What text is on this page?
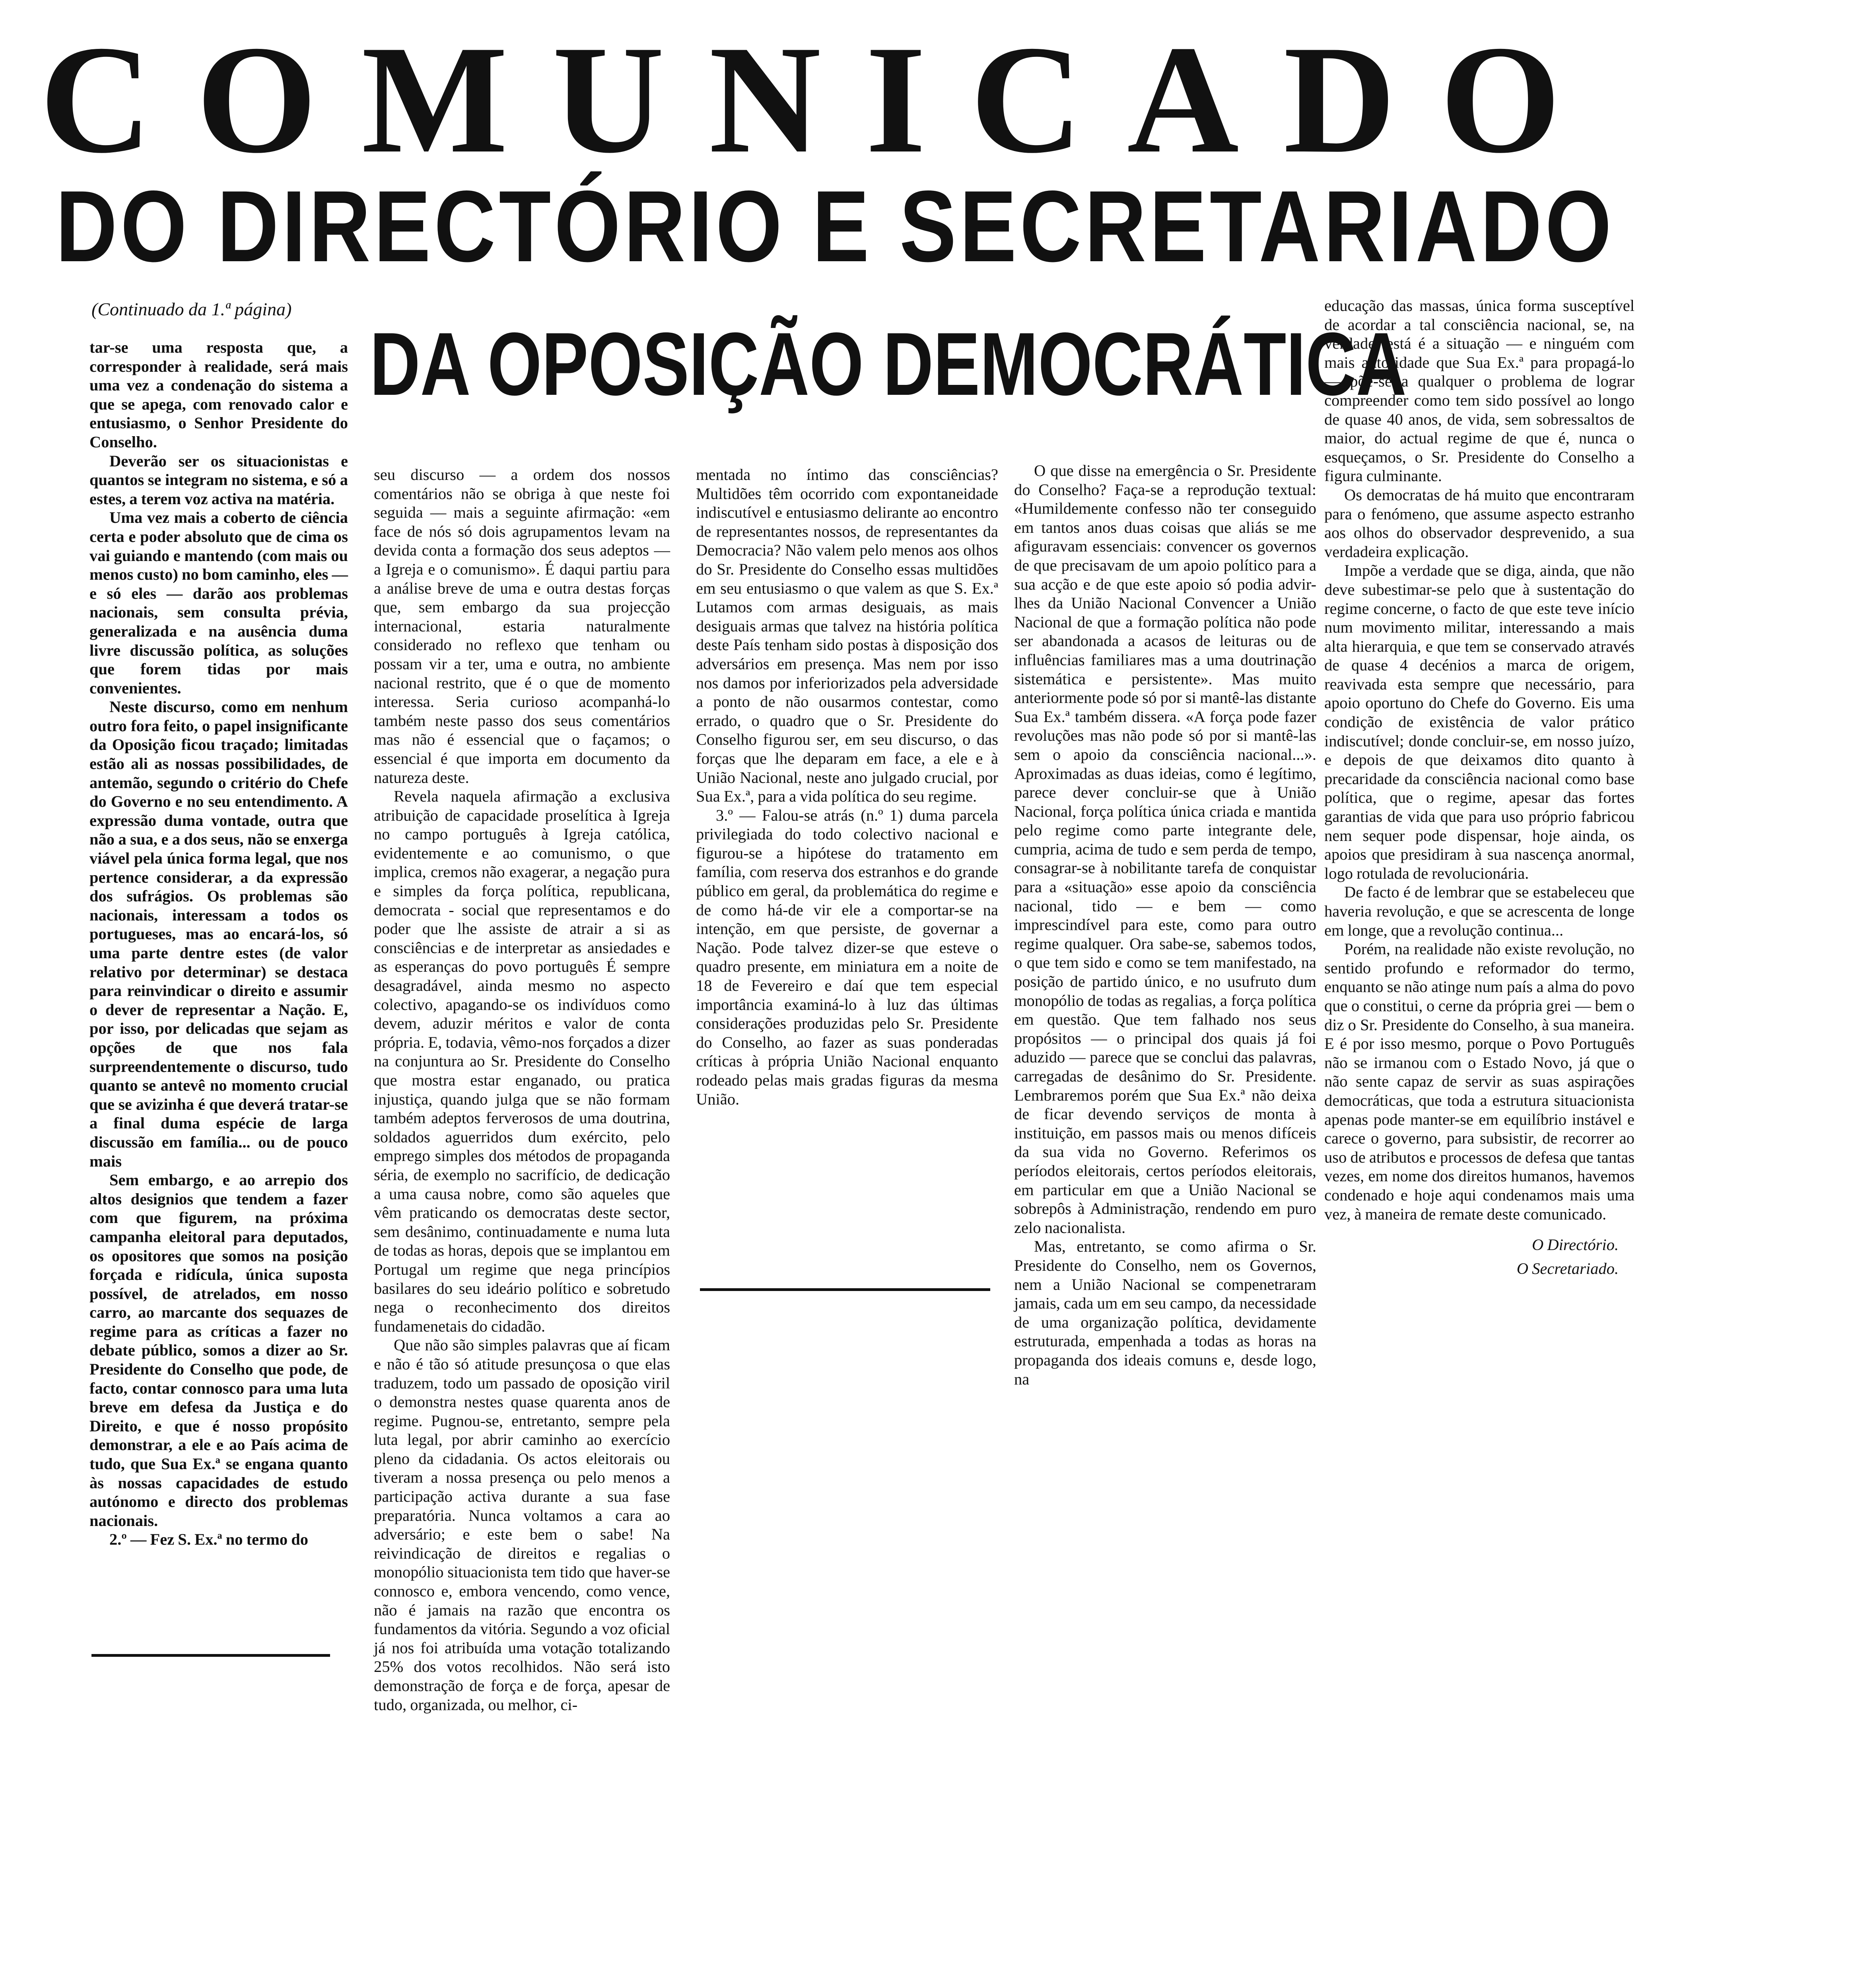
COMUNICADO
DO DIRECTÓRIO E SECRETARIADO
(Continuado da 1.ª página)
DA OPOSIÇÃO DEMOCRÁTICA

tar-se uma resposta que, a corresponder à realidade, será mais uma vez a condenação do sistema a que se apega, com renovado calor e entusiasmo, o Senhor Presidente do Conselho.

Deverão ser os situacionistas e quantos se integram no sistema, e só a estes, a terem voz activa na matéria.

Uma vez mais a coberto de ciência certa e poder absoluto que de cima os vai guiando e mantendo (com mais ou menos custo) no bom caminho, eles — e só eles — darão aos problemas nacionais, sem consulta prévia, generalizada e na ausência duma livre discussão política, as soluções que forem tidas por mais convenientes.

Neste discurso, como em nenhum outro fora feito, o papel insignificante da Oposição ficou traçado; limitadas estão ali as nossas possibilidades, de antemão, segundo o critério do Chefe do Governo e no seu entendimento. A expressão duma vontade, outra que não a sua, e a dos seus, não se enxerga viável pela única forma legal, que nos pertence considerar, a da expressão dos sufrágios. Os problemas são nacionais, interessam a todos os portugueses, mas ao encará-los, só uma parte dentre estes (de valor relativo por determinar) se destaca para reinvindicar o direito e assumir o dever de representar a Nação. E, por isso, por delicadas que sejam as opções de que nos fala surpreendentemente o discurso, tudo quanto se antevê no momento crucial que se avizinha é que deverá tratar-se a final duma espécie de larga discussão em família... ou de pouco mais

Sem embargo, e ao arrepio dos altos designios que tendem a fazer com que figurem, na próxima campanha eleitoral para deputados, os opositores que somos na posição forçada e ridícula, única suposta possível, de atrelados, em nosso carro, ao marcante dos sequazes de regime para as críticas a fazer no debate público, somos a dizer ao Sr. Presidente do Conselho que pode, de facto, contar connosco para uma luta breve em defesa da Justiça e do Direito, e que é nosso propósito demonstrar, a ele e ao País acima de tudo, que Sua Ex.ª se engana quanto às nossas capacidades de estudo autónomo e directo dos problemas nacionais.

2.º — Fez S. Ex.ª no termo do

seu discurso — a ordem dos nossos comentários não se obriga à que neste foi seguida — mais a seguinte afirmação: «em face de nós só dois agrupamentos levam na devida conta a formação dos seus adeptos — a Igreja e o comunismo». É daqui partiu para a análise breve de uma e outra destas forças que, sem embargo da sua projecção internacional, estaria naturalmente considerado no reflexo que tenham ou possam vir a ter, uma e outra, no ambiente nacional restrito, que é o que de momento interessa. Seria curioso acompanhá-lo também neste passo dos seus comentários mas não é essencial que o façamos; o essencial é que importa em documento da natureza deste.

Revela naquela afirmação a exclusiva atribuição de capacidade proselítica à Igreja no campo português à Igreja católica, evidentemente e ao comunismo, o que implica, cremos não exagerar, a negação pura e simples da força política, republicana, democrata - social que representamos e do poder que lhe assiste de atrair a si as consciências e de interpretar as ansiedades e as esperanças do povo português É sempre desagradável, ainda mesmo no aspecto colectivo, apagando-se os indivíduos como devem, aduzir méritos e valor de conta própria. E, todavia, vêmo-nos forçados a dizer na conjuntura ao Sr. Presidente do Conselho que mostra estar enganado, ou pratica injustiça, quando julga que se não formam também adeptos ferverosos de uma doutrina, soldados aguerridos dum exército, pelo emprego simples dos métodos de propaganda séria, de exemplo no sacrifício, de dedicação a uma causa nobre, como são aqueles que vêm praticando os democratas deste sector, sem desânimo, continuadamente e numa luta de todas as horas, depois que se implantou em Portugal um regime que nega princípios basilares do seu ideário político e sobretudo nega o reconhecimento dos direitos fundamenetais do cidadão.

Que não são simples palavras que aí ficam e não é tão só atitude presunçosa o que elas traduzem, todo um passado de oposição viril o demonstra nestes quase quarenta anos de regime. Pugnou-se, entretanto, sempre pela luta legal, por abrir caminho ao exercício pleno da cidadania. Os actos eleitorais ou tiveram a nossa presença ou pelo menos a participação activa durante a sua fase preparatória. Nunca voltamos a cara ao adversário; e este bem o sabe! Na reivindicação de direitos e regalias o monopólio situacionista tem tido que haver-se connosco e, embora vencendo, como vence, não é jamais na razão que encontra os fundamentos da vitória. Segundo a voz oficial já nos foi atribuída uma votação totalizando 25% dos votos recolhidos. Não será isto demonstração de força e de força, apesar de tudo, organizada, ou melhor, ci-

mentada no íntimo das consciências? Multidões têm ocorrido com expontaneidade indiscutível e entusiasmo delirante ao encontro de representantes nossos, de representantes da Democracia? Não valem pelo menos aos olhos do Sr. Presidente do Conselho essas multidões em seu entusiasmo o que valem as que S. Ex.ª Lutamos com armas desiguais, as mais desiguais armas que talvez na história política deste País tenham sido postas à disposição dos adversários em presença. Mas nem por isso nos damos por inferiorizados pela adversidade a ponto de não ousarmos contestar, como errado, o quadro que o Sr. Presidente do Conselho figurou ser, em seu discurso, o das forças que lhe deparam em face, a ele e à União Nacional, neste ano julgado crucial, por Sua Ex.ª, para a vida política do seu regime.

3.º — Falou-se atrás (n.º 1) duma parcela privilegiada do todo colectivo nacional e figurou-se a hipótese do tratamento em família, com reserva dos estranhos e do grande público em geral, da problemática do regime e de como há-de vir ele a comportar-se na intenção, em que persiste, de governar a Nação. Pode talvez dizer-se que esteve o quadro presente, em miniatura em a noite de 18 de Fevereiro e daí que tem especial importância examiná-lo à luz das últimas considerações produzidas pelo Sr. Presidente do Conselho, ao fazer as suas ponderadas críticas à própria União Nacional enquanto rodeado pelas mais gradas figuras da mesma União.

O que disse na emergência o Sr. Presidente do Conselho? Faça-se a reprodução textual: «Humildemente confesso não ter conseguido em tantos anos duas coisas que aliás se me afiguravam essenciais: convencer os governos de que precisavam de um apoio político para a sua acção e de que este apoio só podia advir-lhes da União Nacional Convencer a União Nacional de que a formação política não pode ser abandonada a acasos de leituras ou de influências familiares mas a uma doutrinação sistemática e persistente». Mas muito anteriormente pode só por si mantê-las distante Sua Ex.ª também dissera. «A força pode fazer revoluções mas não pode só por si mantê-las sem o apoio da consciência nacional...». Aproximadas as duas ideias, como é legítimo, parece dever concluir-se que à União Nacional, força política única criada e mantida pelo regime como parte integrante dele, cumpria, acima de tudo e sem perda de tempo, consagrar-se à nobilitante tarefa de conquistar para a «situação» esse apoio da consciência nacional, tido — e bem — como imprescindível para este, como para outro regime qualquer. Ora sabe-se, sabemos todos, o que tem sido e como se tem manifestado, na posição de partido único, e no usufruto dum monopólio de todas as regalias, a força política em questão. Que tem falhado nos seus propósitos — o principal dos quais já foi aduzido — parece que se conclui das palavras, carregadas de desânimo do Sr. Presidente. Lembraremos porém que Sua Ex.ª não deixa de ficar devendo serviços de monta à instituição, em passos mais ou menos difíceis da sua vida no Governo. Referimos os períodos eleitorais, certos períodos eleitorais, em particular em que a União Nacional se sobrepôs à Administração, rendendo em puro zelo nacionalista.

Mas, entretanto, se como afirma o Sr. Presidente do Conselho, nem os Governos, nem a União Nacional se compenetraram jamais, cada um em seu campo, da necessidade de uma organização política, devidamente estruturada, empenhada a todas as horas na propaganda dos ideais comuns e, desde logo, na

educação das massas, única forma susceptível de acordar a tal consciência nacional, se, na verdade, está é a situação — e ninguém com mais autoridade que Sua Ex.ª para propagá-lo — põe-se a qualquer o problema de lograr compreender como tem sido possível ao longo de quase 40 anos, de vida, sem sobressaltos de maior, do actual regime de que é, nunca o esqueçamos, o Sr. Presidente do Conselho a figura culminante.

Os democratas de há muito que encontraram para o fenómeno, que assume aspecto estranho aos olhos do observador desprevenido, a sua verdadeira explicação.

Impõe a verdade que se diga, ainda, que não deve subestimar-se pelo que à sustentação do regime concerne, o facto de que este teve início num movimento militar, interessando a mais alta hierarquia, e que tem se conservado através de quase 4 decénios a marca de origem, reavivada esta sempre que necessário, para apoio oportuno do Chefe do Governo. Eis uma condição de existência de valor prático indiscutível; donde concluir-se, em nosso juízo, e depois de que deixamos dito quanto à precaridade da consciência nacional como base política, que o regime, apesar das fortes garantias de vida que para uso próprio fabricou nem sequer pode dispensar, hoje ainda, os apoios que presidiram à sua nascença anormal, logo rotulada de revolucionária.

De facto é de lembrar que se estabeleceu que haveria revolução, e que se acrescenta de longe em longe, que a revolução continua...

Porém, na realidade não existe revolução, no sentido profundo e reformador do termo, enquanto se não atinge num país a alma do povo que o constitui, o cerne da própria grei — bem o diz o Sr. Presidente do Conselho, à sua maneira. E é por isso mesmo, porque o Povo Português não se irmanou com o Estado Novo, já que o não sente capaz de servir as suas aspirações democráticas, que toda a estrutura situacionista apenas pode manter-se em equilíbrio instável e carece o governo, para subsistir, de recorrer ao uso de atributos e processos de defesa que tantas vezes, em nome dos direitos humanos, havemos condenado e hoje aqui condenamos mais uma vez, à maneira de remate deste comunicado.

O Directório.
O Secretariado.
